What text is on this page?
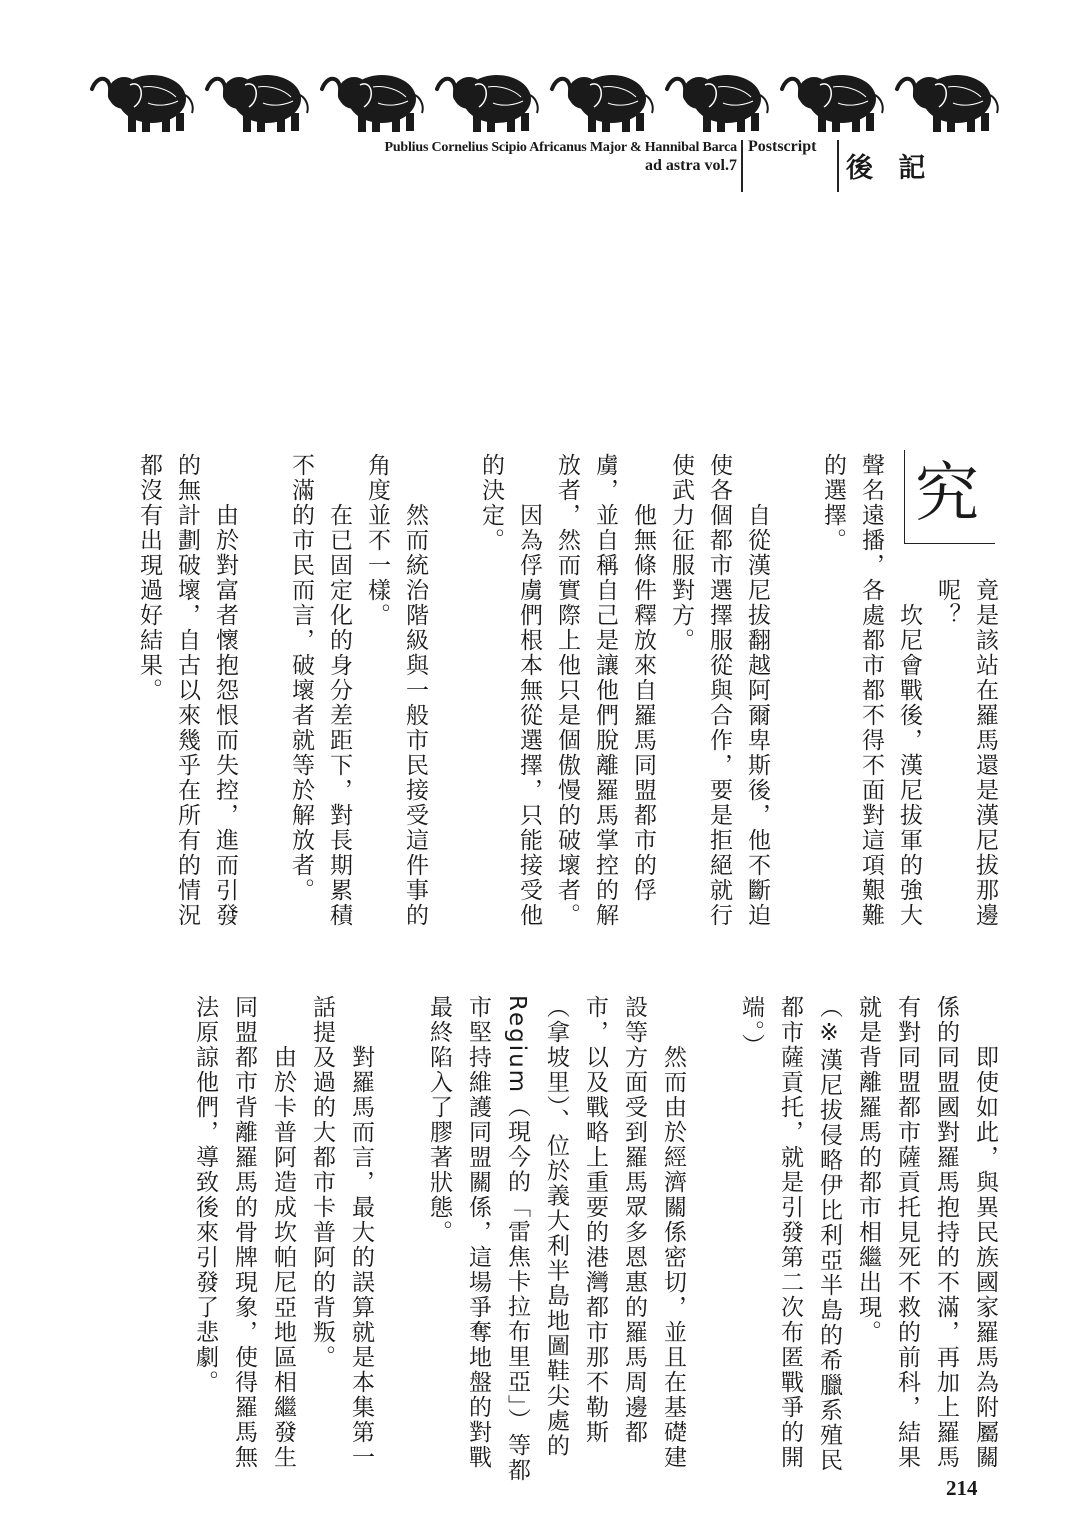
Publius Cornelius Scipio Africanus Major & Hannibal Barca
ad astra vol.7
Postscript
後 記
究
竟是該站在羅馬還是漢尼拔那邊
呢？
坎尼會戰後，漢尼拔軍的強大
聲名遠播，各處都市都不得不面對這項艱難
的選擇。
自從漢尼拔翻越阿爾卑斯後，他不斷迫
使各個都市選擇服從與合作，要是拒絕就行
使武力征服對方。
他無條件釋放來自羅馬同盟都市的俘
虜，並自稱自己是讓他們脫離羅馬掌控的解
放者，然而實際上他只是個傲慢的破壞者。
因為俘虜們根本無從選擇，只能接受他
的決定。
然而統治階級與一般市民接受這件事的
角度並不一樣。
在已固定化的身分差距下，對長期累積
不滿的市民而言，破壞者就等於解放者。
由於對富者懷抱怨恨而失控，進而引發
的無計劃破壞，自古以來幾乎在所有的情況
都沒有出現過好結果。
即使如此，與異民族國家羅馬為附屬關
係的同盟國對羅馬抱持的不滿，再加上羅馬
有對同盟都市薩貢托見死不救的前科，結果
就是背離羅馬的都市相繼出現。
（※漢尼拔侵略伊比利亞半島的希臘系殖民
都市薩貢托，就是引發第二次布匿戰爭的開
端。）
然而由於經濟關係密切，並且在基礎建
設等方面受到羅馬眾多恩惠的羅馬周邊都
市，以及戰略上重要的港灣都市那不勒斯
（拿坡里）、位於義大利半島地圖鞋尖處的
Regium（現今的「雷焦卡拉布里亞」）等都
市堅持維護同盟關係，這場爭奪地盤的對戰
最終陷入了膠著狀態。
對羅馬而言，最大的誤算就是本集第一
話提及過的大都市卡普阿的背叛。
由於卡普阿造成坎帕尼亞地區相繼發生
同盟都市背離羅馬的骨牌現象，使得羅馬無
法原諒他們，導致後來引發了悲劇。
214
